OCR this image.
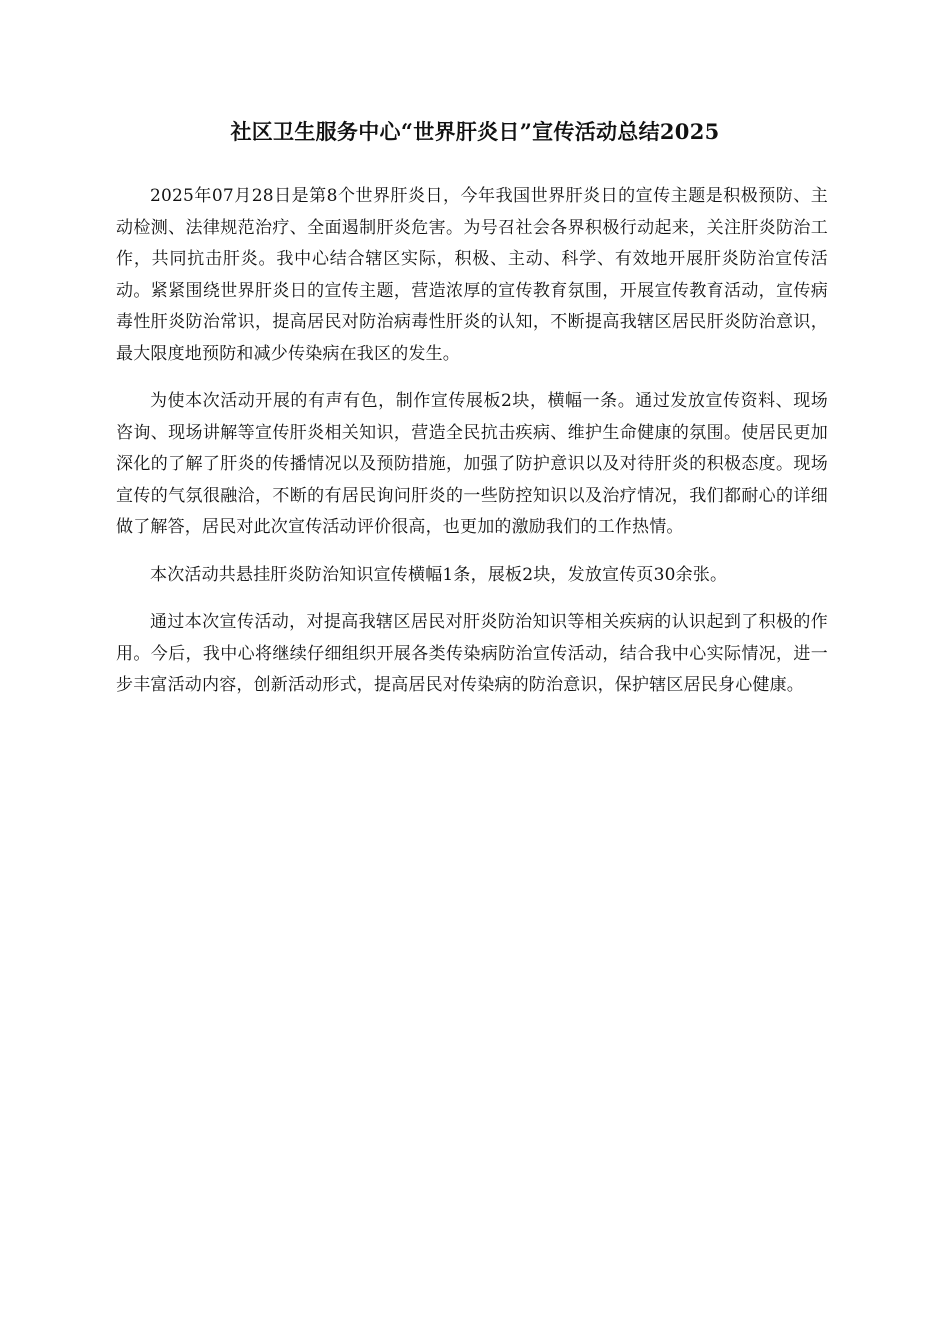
社区卫生服务中心“世界肝炎日”宣传活动总结2025

2025年07月28日是第8个世界肝炎日，今年我国世界肝炎日的宣传主题是积极预防、主动检测、法律规范治疗、全面遏制肝炎危害。为号召社会各界积极行动起来，关注肝炎防治工作，共同抗击肝炎。我中心结合辖区实际，积极、主动、科学、有效地开展肝炎防治宣传活动。紧紧围绕世界肝炎日的宣传主题，营造浓厚的宣传教育氛围，开展宣传教育活动，宣传病毒性肝炎防治常识，提高居民对防治病毒性肝炎的认知，不断提高我辖区居民肝炎防治意识，最大限度地预防和减少传染病在我区的发生。

为使本次活动开展的有声有色，制作宣传展板2块，横幅一条。通过发放宣传资料、现场咨询、现场讲解等宣传肝炎相关知识，营造全民抗击疾病、维护生命健康的氛围。使居民更加深化的了解了肝炎的传播情况以及预防措施，加强了防护意识以及对待肝炎的积极态度。现场宣传的气氛很融洽，不断的有居民询问肝炎的一些防控知识以及治疗情况，我们都耐心的详细做了解答，居民对此次宣传活动评价很高，也更加的激励我们的工作热情。

本次活动共悬挂肝炎防治知识宣传横幅1条，展板2块，发放宣传页30余张。

通过本次宣传活动，对提高我辖区居民对肝炎防治知识等相关疾病的认识起到了积极的作用。今后，我中心将继续仔细组织开展各类传染病防治宣传活动，结合我中心实际情况，进一步丰富活动内容，创新活动形式，提高居民对传染病的防治意识，保护辖区居民身心健康。
